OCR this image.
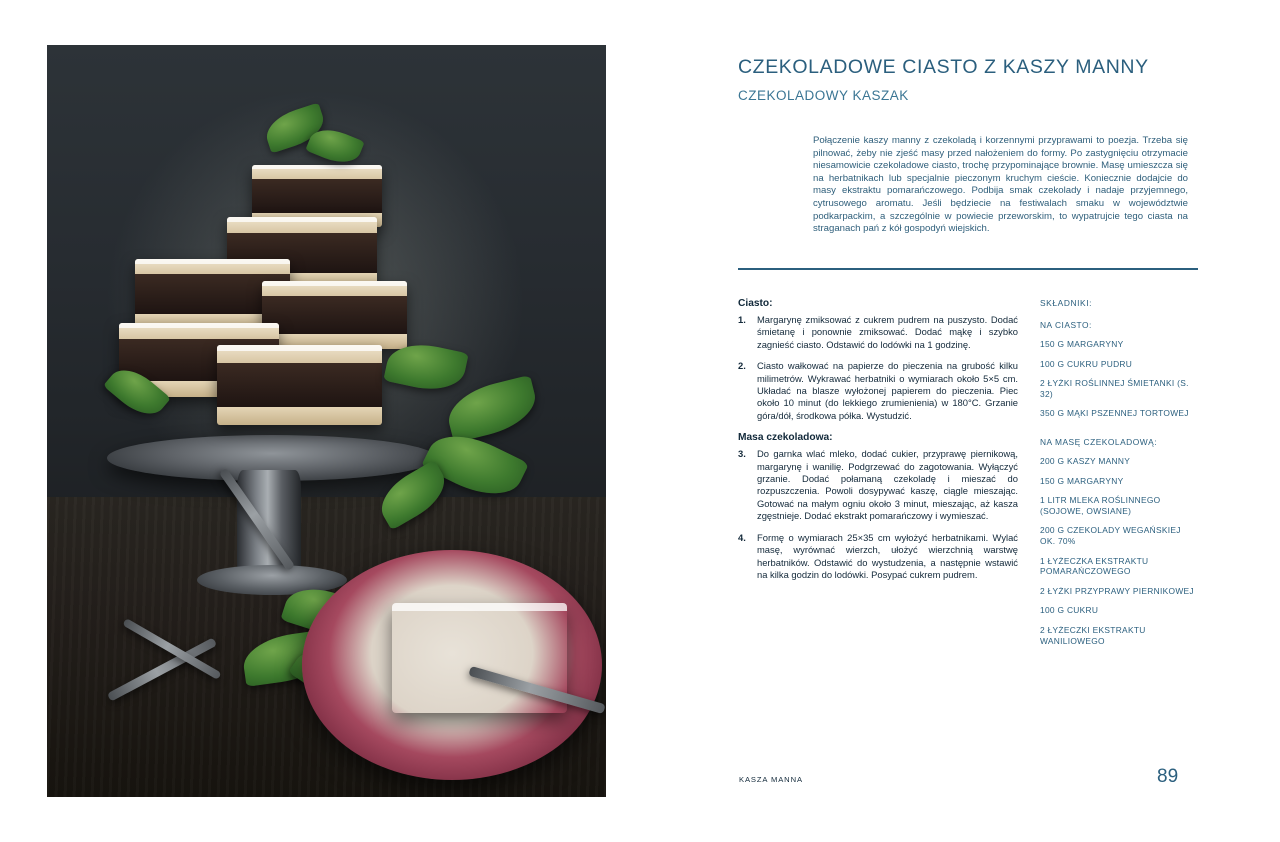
CZEKOLADOWE CIASTO Z KASZY MANNY
CZEKOLADOWY KASZAK
Połączenie kaszy manny z czekoladą i korzennymi przyprawami to poezja. Trzeba się pilnować, żeby nie zjeść masy przed nałożeniem do formy. Po zastygnięciu otrzymacie niesamowicie czekoladowe ciasto, trochę przypominające brownie. Masę umieszcza się na herbatnikach lub specjalnie pieczonym kruchym cieście. Koniecznie dodajcie do masy ekstraktu pomarańczowego. Podbija smak czekolady i nadaje przyjemnego, cytrusowego aromatu. Jeśli będziecie na festiwalach smaku w województwie podkarpackim, a szczególnie w powiecie przeworskim, to wypatrujcie tego ciasta na straganach pań z kół gospodyń wiejskich.
Ciasto:
1. Margarynę zmiksować z cukrem pudrem na puszysto. Dodać śmietanę i ponownie zmiksować. Dodać mąkę i szybko zagnieść ciasto. Odstawić do lodówki na 1 godzinę.
2. Ciasto wałkować na papierze do pieczenia na grubość kilku milimetrów. Wykrawać herbatniki o wymiarach około 5×5 cm. Układać na blasze wyłożonej papierem do pieczenia. Piec około 10 minut (do lekkiego zrumienienia) w 180°C. Grzanie góra/dół, środkowa półka. Wystudzić.
Masa czekoladowa:
3. Do garnka wlać mleko, dodać cukier, przyprawę piernikową, margarynę i wanilię. Podgrzewać do zagotowania. Wyłączyć grzanie. Dodać połamaną czekoladę i mieszać do rozpuszczenia. Powoli dosypywać kaszę, ciągle mieszając. Gotować na małym ogniu około 3 minut, mieszając, aż kasza zgęstnieje. Dodać ekstrakt pomarańczowy i wymieszać.
4. Formę o wymiarach 25×35 cm wyłożyć herbatnikami. Wylać masę, wyrównać wierzch, ułożyć wierzchnią warstwę herbatników. Odstawić do wystudzenia, a następnie wstawić na kilka godzin do lodówki. Posypać cukrem pudrem.
SKŁADNIKI:
NA CIASTO:
150 G MARGARYNY
100 G CUKRU PUDRU
2 ŁYŻKI ROŚLINNEJ ŚMIETANKI (S. 32)
350 G MĄKI PSZENNEJ TORTOWEJ
NA MASĘ CZEKOLADOWĄ:
200 G KASZY MANNY
150 G MARGARYNY
1 LITR MLEKA ROŚLINNEGO (SOJOWE, OWSIANE)
200 G CZEKOLADY WEGAŃSKIEJ OK. 70%
1 ŁYŻECZKA EKSTRAKTU POMARAŃCZOWEGO
2 ŁYŻKI PRZYPRAWY PIERNIKOWEJ
100 G CUKRU
2 ŁYŻECZKI EKSTRAKTU WANILIOWEGO
KASZA MANNA	89
